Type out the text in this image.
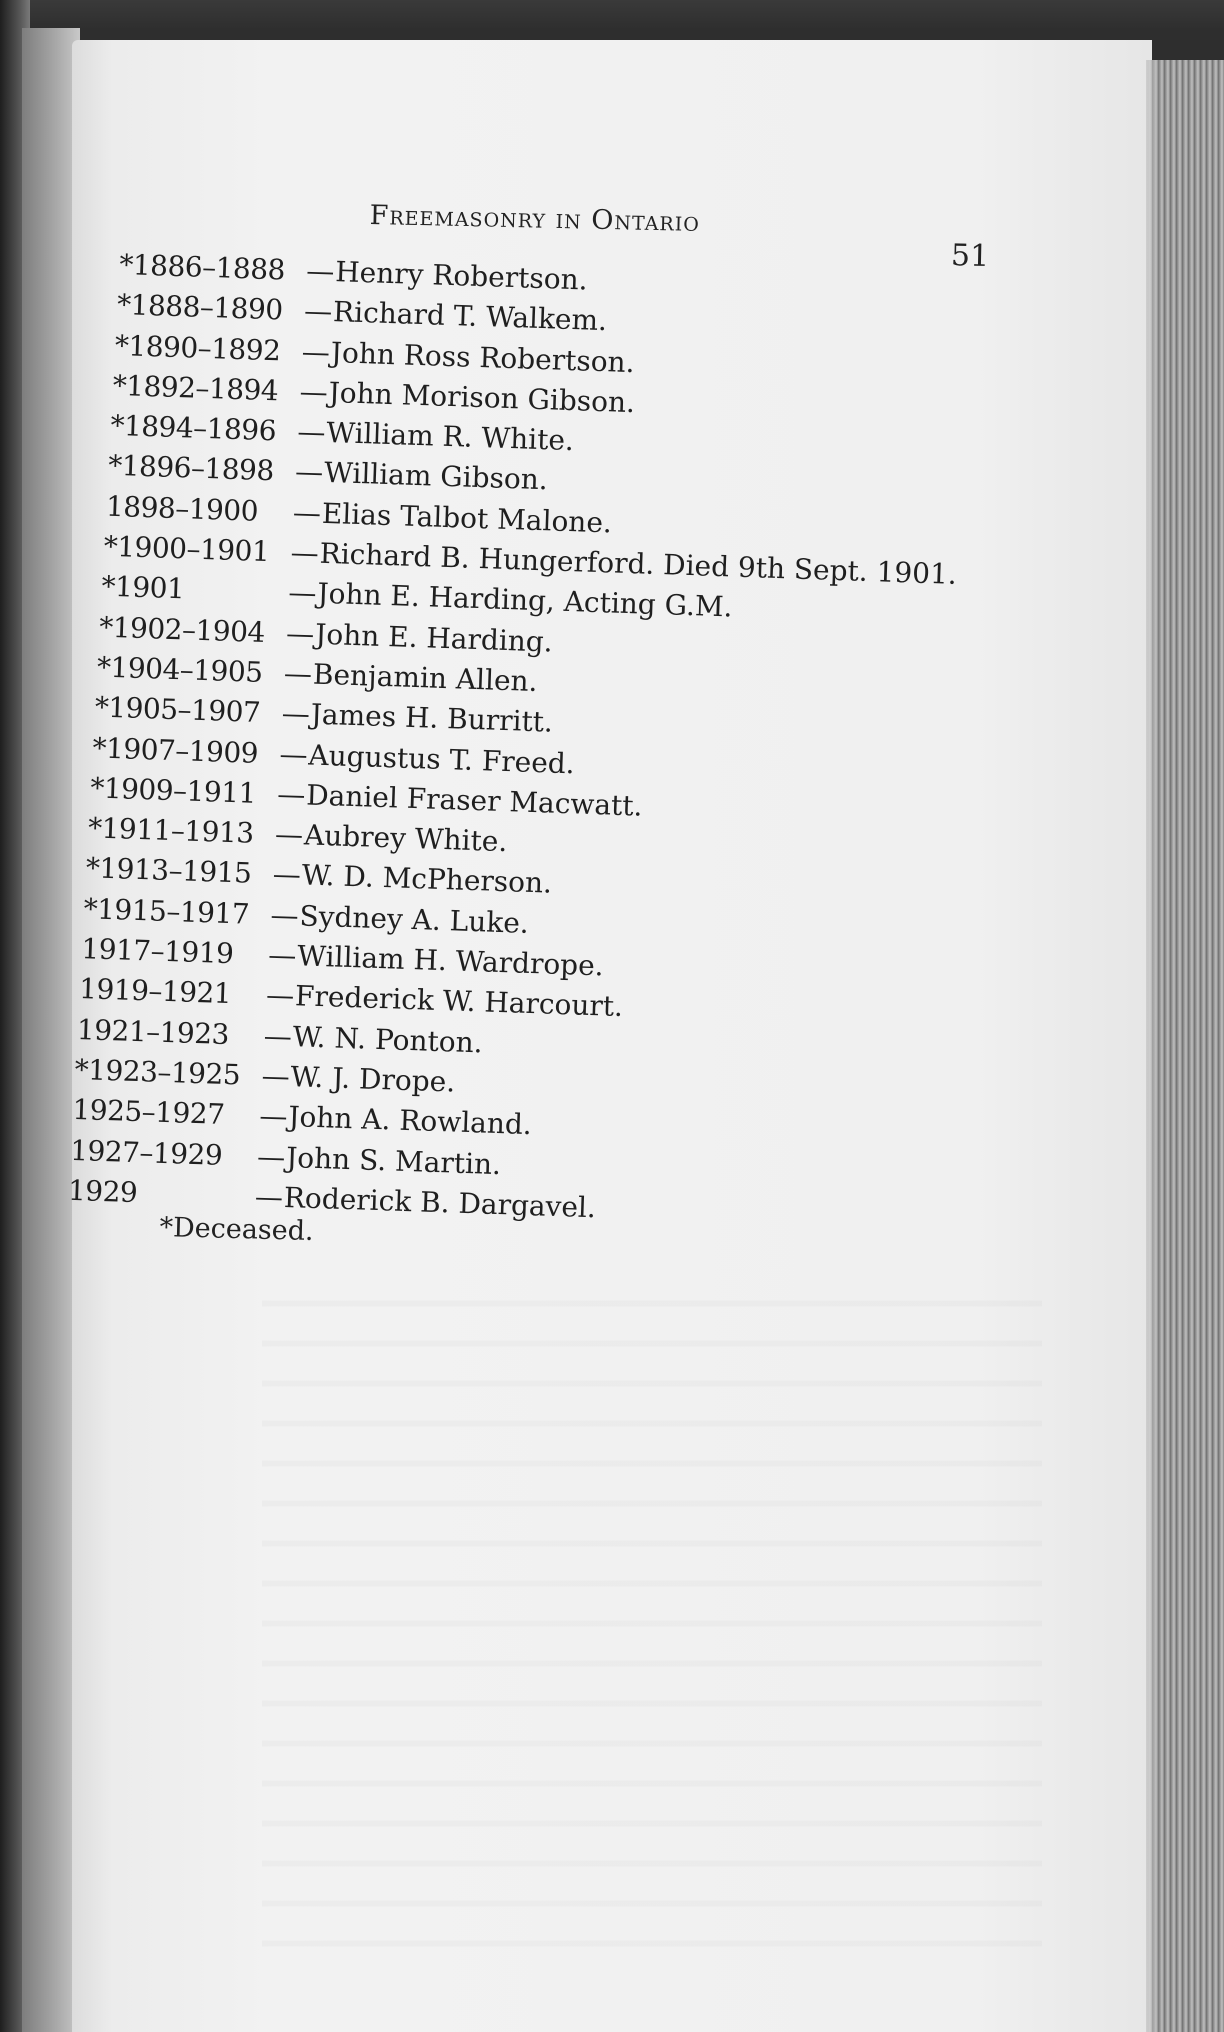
Freemasonry in Ontario
51
*1886–1888 —Henry Robertson.
*1888–1890 —Richard T. Walkem.
*1890–1892 —John Ross Robertson.
*1892–1894 —John Morison Gibson.
*1894–1896 —William R. White.
*1896–1898 —William Gibson.
1898–1900 —Elias Talbot Malone.
*1900–1901 —Richard B. Hungerford. Died 9th Sept. 1901.
*1901	—John E. Harding, Acting G.M.
*1902–1904 —John E. Harding.
*1904–1905 —Benjamin Allen.
*1905–1907 —James H. Burritt.
*1907–1909 —Augustus T. Freed.
*1909–1911 —Daniel Fraser Macwatt.
*1911–1913 —Aubrey White.
*1913–1915 —W. D. McPherson.
*1915–1917 —Sydney A. Luke.
1917–1919 —William H. Wardrope.
1919–1921 —Frederick W. Harcourt.
1921–1923 —W. N. Ponton.
*1923–1925 —W. J. Drope.
1925–1927 —John A. Rowland.
1927–1929 —John S. Martin.
1929	—Roderick B. Dargavel.
*Deceased.
